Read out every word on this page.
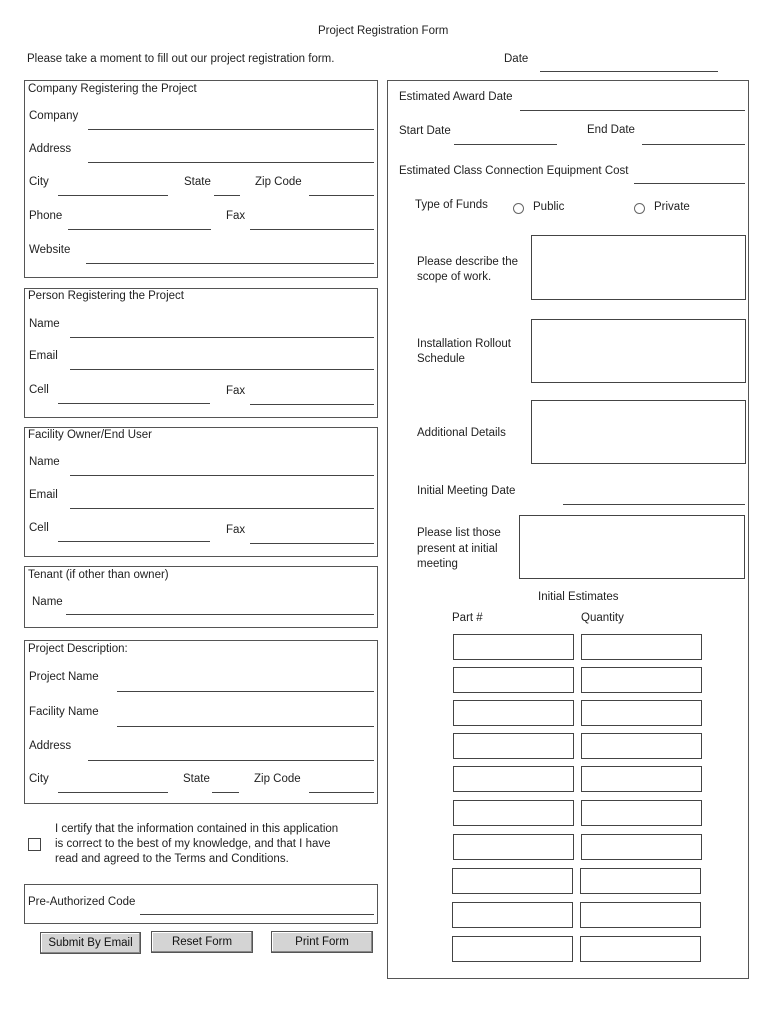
Project Registration Form
Please take a moment to fill out our project registration form.	Date
Company Registering the Project
Company
Address
City	State	Zip Code
Phone	Fax
Website
Person Registering the Project
Name
Email
Cell	Fax
Facility Owner/End User
Name
Email
Cell	Fax
Tenant (if other than owner)
Name
Project Description:
Project Name
Facility Name
Address
City	State	Zip Code
I certify that the information contained in this application
is correct to the best of my knowledge, and that I have
read and agreed to the Terms and Conditions.
Pre-Authorized Code
Submit By Email	Reset Form	Print Form
Estimated Award Date
Start Date	End Date
Estimated Class Connection Equipment Cost
Type of Funds	Public	Private
Please describe the
scope of work.
Installation Rollout
Schedule
Additional Details
Initial Meeting Date
Please list those
present at initial
meeting
Initial Estimates
Part #	Quantity
